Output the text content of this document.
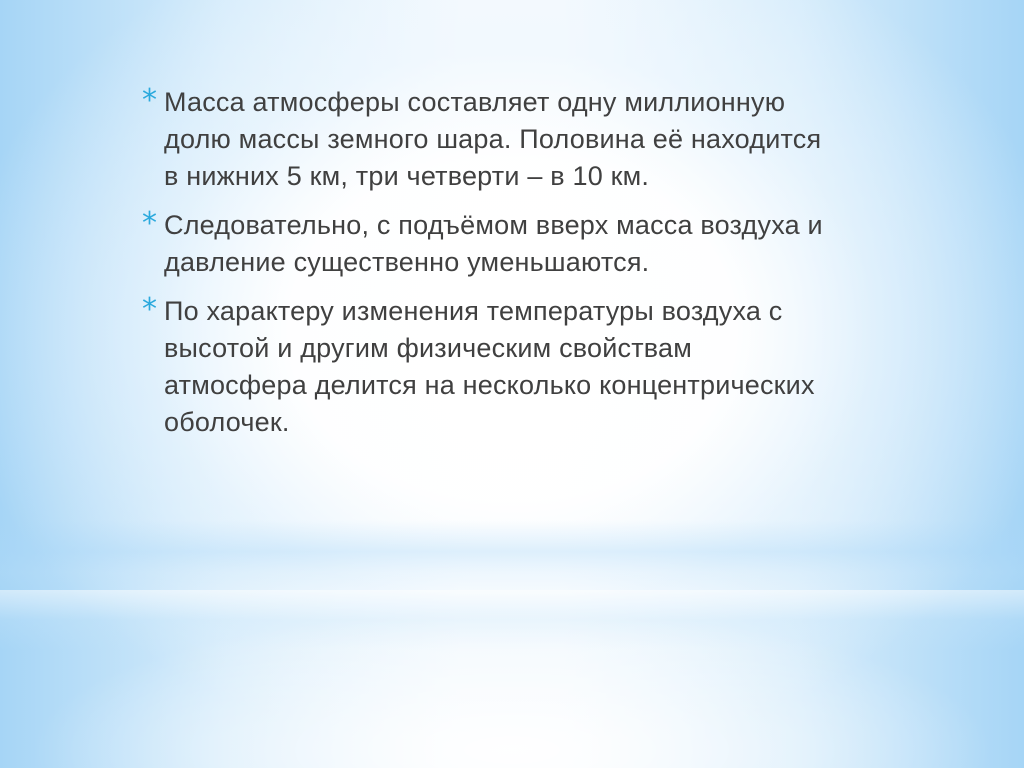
* Масса атмосферы составляет одну миллионную долю массы земного шара. Половина её находится в нижних 5 км, три четверти – в 10 км.
* Следовательно, с подъёмом вверх масса воздуха и давление существенно уменьшаются.
* По характеру изменения температуры воздуха с высотой и другим физическим свойствам атмосфера делится на несколько концентрических оболочек.
